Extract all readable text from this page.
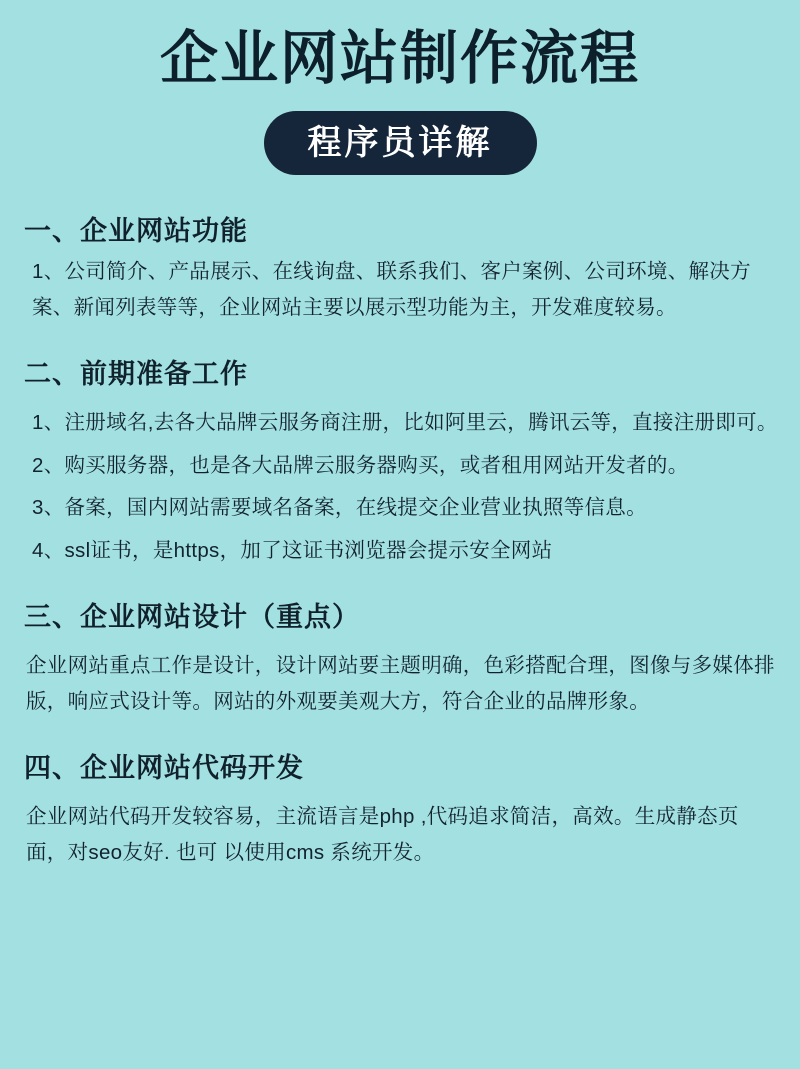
企业网站制作流程
程序员详解
一、企业网站功能

1、公司简介、产品展示、在线询盘、联系我们、客户案例、公司环境、解决方案、新闻列表等等，企业网站主要以展示型功能为主，开发难度较易。

二、前期准备工作

1、注册域名,去各大品牌云服务商注册，比如阿里云，腾讯云等，直接注册即可。

2、购买服务器，也是各大品牌云服务器购买，或者租用网站开发者的。

3、备案，国内网站需要域名备案，在线提交企业营业执照等信息。

4、ssl证书，是https，加了这证书浏览器会提示安全网站

三、企业网站设计（重点）

企业网站重点工作是设计，设计网站要主题明确，色彩搭配合理，图像与多媒体排版，响应式设计等。网站的外观要美观大方，符合企业的品牌形象。

四、企业网站代码开发

企业网站代码开发较容易，主流语言是php ,代码追求简洁，高效。生成静态页面，对seo友好. 也可 以使用cms 系统开发。
